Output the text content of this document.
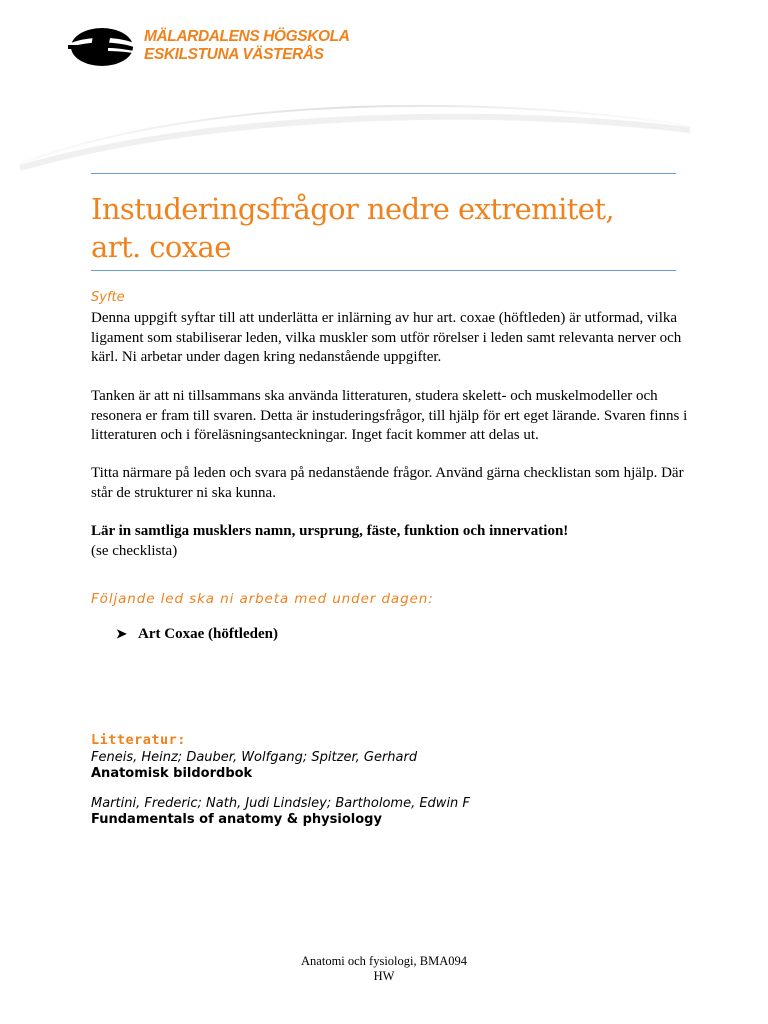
MÄLARDALENS HÖGSKOLA
ESKILSTUNA VÄSTERÅS
Instuderingsfrågor nedre extremitet,
art. coxae
Syfte
Denna uppgift syftar till att underlätta er inlärning av hur art. coxae (höftleden) är utformad, vilka ligament som stabiliserar leden, vilka muskler som utför rörelser i leden samt relevanta nerver och kärl. Ni arbetar under dagen kring nedanstående uppgifter.
Tanken är att ni tillsammans ska använda litteraturen, studera skelett- och muskelmodeller och resonera er fram till svaren. Detta är instuderingsfrågor, till hjälp för ert eget lärande. Svaren finns i litteraturen och i föreläsningsanteckningar. Inget facit kommer att delas ut.
Titta närmare på leden och svara på nedanstående frågor. Använd gärna checklistan som hjälp. Där står de strukturer ni ska kunna.
Lär in samtliga musklers namn, ursprung, fäste, funktion och innervation!
(se checklista)
Följande led ska ni arbeta med under dagen:
➤ Art Coxae (höftleden)
Litteratur:
Feneis, Heinz; Dauber, Wolfgang; Spitzer, Gerhard
Anatomisk bildordbok
Martini, Frederic; Nath, Judi Lindsley; Bartholome, Edwin F
Fundamentals of anatomy & physiology
Anatomi och fysiologi, BMA094
HW
